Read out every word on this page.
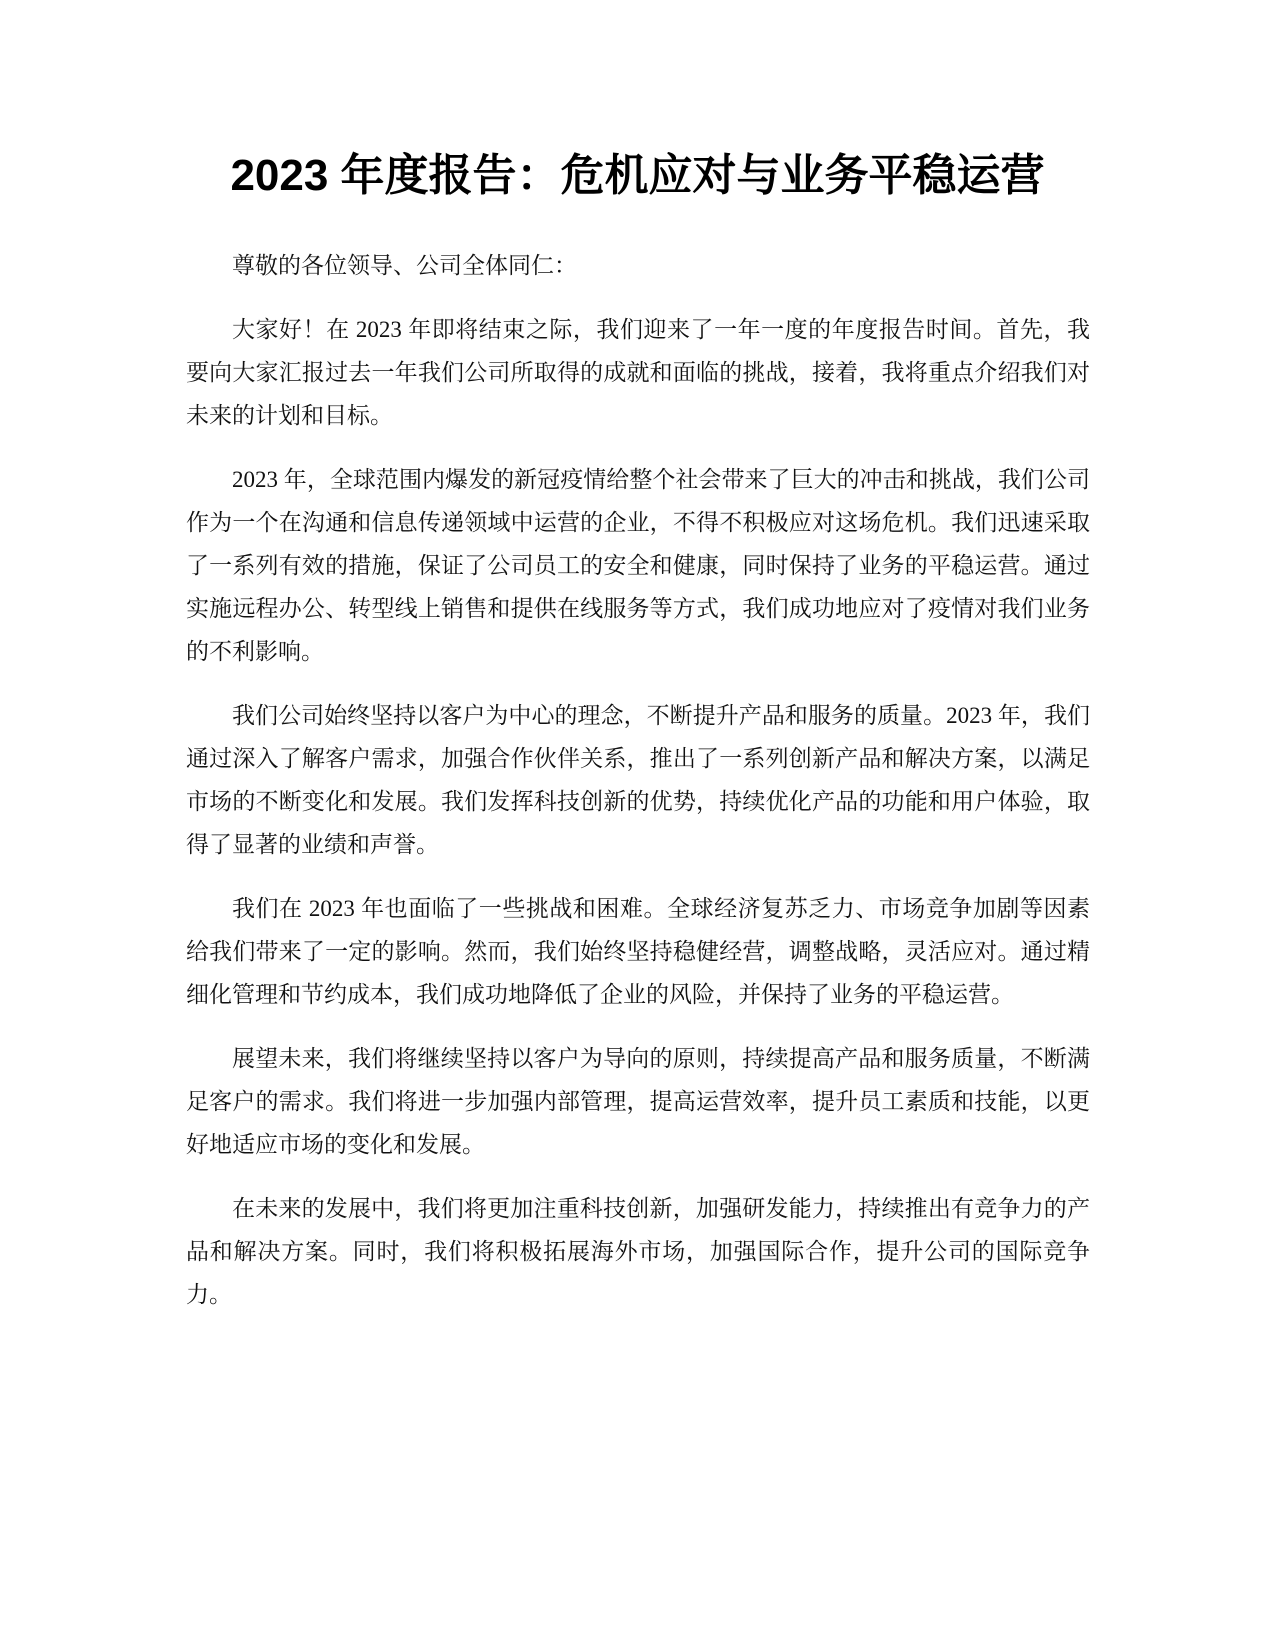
2023 年度报告：危机应对与业务平稳运营

尊敬的各位领导、公司全体同仁：

大家好！在 2023 年即将结束之际，我们迎来了一年一度的年度报告时间。首先，我要向大家汇报过去一年我们公司所取得的成就和面临的挑战，接着，我将重点介绍我们对未来的计划和目标。

2023 年，全球范围内爆发的新冠疫情给整个社会带来了巨大的冲击和挑战，我们公司作为一个在沟通和信息传递领域中运营的企业，不得不积极应对这场危机。我们迅速采取了一系列有效的措施，保证了公司员工的安全和健康，同时保持了业务的平稳运营。通过实施远程办公、转型线上销售和提供在线服务等方式，我们成功地应对了疫情对我们业务的不利影响。

我们公司始终坚持以客户为中心的理念，不断提升产品和服务的质量。2023 年，我们通过深入了解客户需求，加强合作伙伴关系，推出了一系列创新产品和解决方案，以满足市场的不断变化和发展。我们发挥科技创新的优势，持续优化产品的功能和用户体验，取得了显著的业绩和声誉。

我们在 2023 年也面临了一些挑战和困难。全球经济复苏乏力、市场竞争加剧等因素给我们带来了一定的影响。然而，我们始终坚持稳健经营，调整战略，灵活应对。通过精细化管理和节约成本，我们成功地降低了企业的风险，并保持了业务的平稳运营。

展望未来，我们将继续坚持以客户为导向的原则，持续提高产品和服务质量，不断满足客户的需求。我们将进一步加强内部管理，提高运营效率，提升员工素质和技能，以更好地适应市场的变化和发展。

在未来的发展中，我们将更加注重科技创新，加强研发能力，持续推出有竞争力的产品和解决方案。同时，我们将积极拓展海外市场，加强国际合作，提升公司的国际竞争力。
